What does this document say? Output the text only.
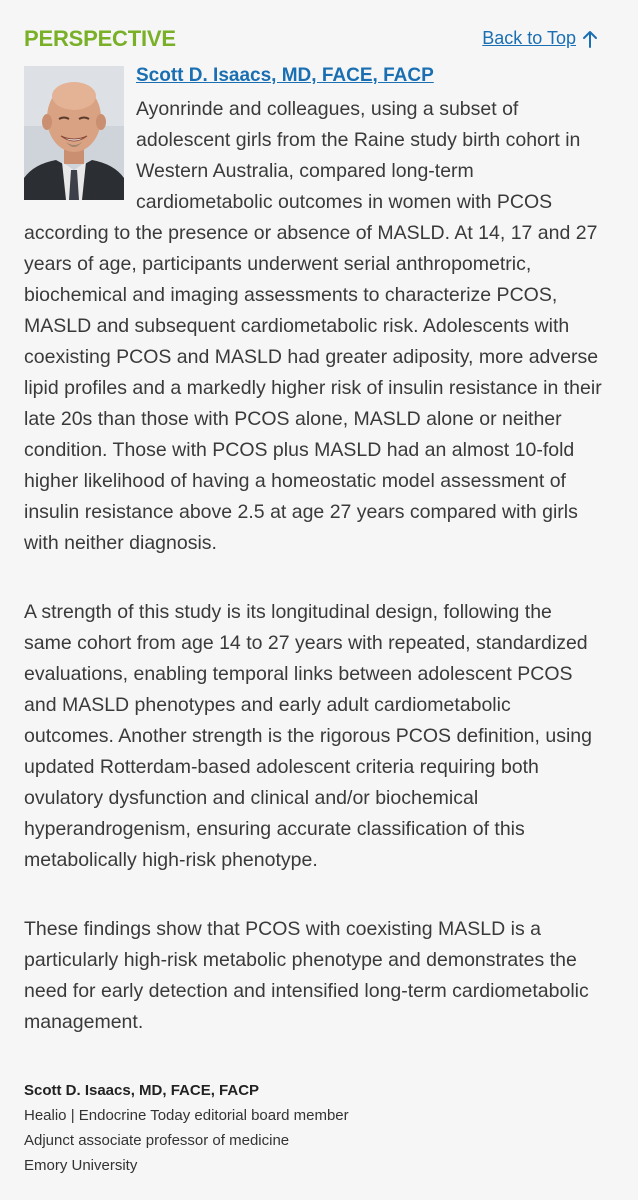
PERSPECTIVE	Back to Top
Scott D. Isaacs, MD, FACE, FACP

Ayonrinde and colleagues, using a subset of adolescent girls from the Raine study birth cohort in Western Australia, compared long-term cardiometabolic outcomes in women with PCOS according to the presence or absence of MASLD. At 14, 17 and 27 years of age, participants underwent serial anthropometric, biochemical and imaging assessments to characterize PCOS, MASLD and subsequent cardiometabolic risk. Adolescents with coexisting PCOS and MASLD had greater adiposity, more adverse lipid profiles and a markedly higher risk of insulin resistance in their late 20s than those with PCOS alone, MASLD alone or neither condition. Those with PCOS plus MASLD had an almost 10-fold higher likelihood of having a homeostatic model assessment of insulin resistance above 2.5 at age 27 years compared with girls with neither diagnosis.

A strength of this study is its longitudinal design, following the same cohort from age 14 to 27 years with repeated, standardized evaluations, enabling temporal links between adolescent PCOS and MASLD phenotypes and early adult cardiometabolic outcomes. Another strength is the rigorous PCOS definition, using updated Rotterdam-based adolescent criteria requiring both ovulatory dysfunction and clinical and/or biochemical hyperandrogenism, ensuring accurate classification of this metabolically high-risk phenotype.

These findings show that PCOS with coexisting MASLD is a particularly high-risk metabolic phenotype and demonstrates the need for early detection and intensified long-term cardiometabolic management.

Scott D. Isaacs, MD, FACE, FACP
Healio | Endocrine Today editorial board member
Adjunct associate professor of medicine
Emory University
